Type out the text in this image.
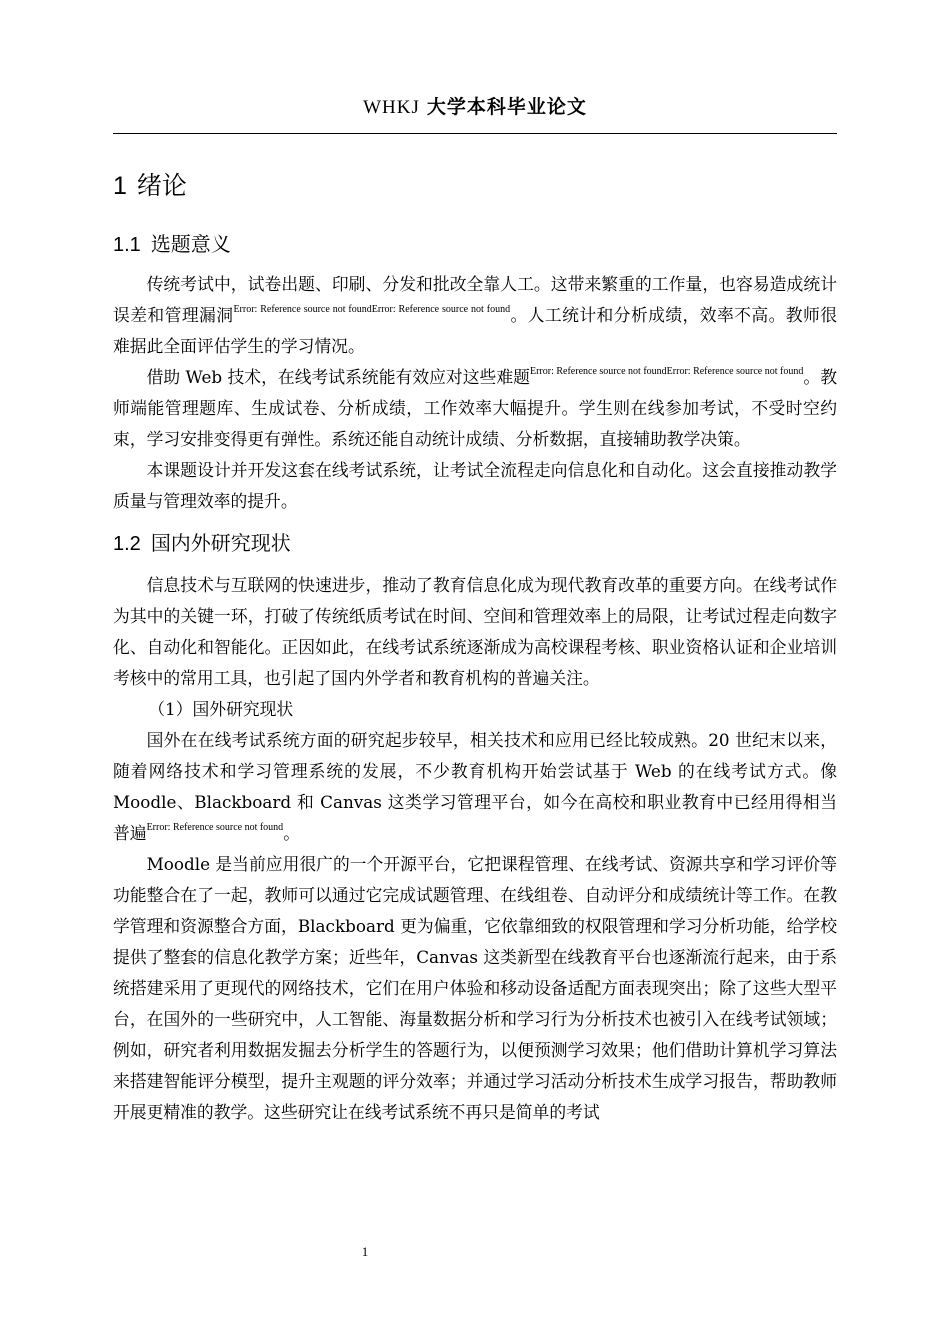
WHKJ 大学本科毕业论文
1 绪论
1.1 选题意义

传统考试中，试卷出题、印刷、分发和批改全靠人工。这带来繁重的工作量，也容易造成统计误差和管理漏洞$^{Error: Reference source not foundError: Reference source not found}$。人工统计和分析成绩，效率不高。教师很难据此全面评估学生的学习情况。

借助 Web 技术，在线考试系统能有效应对这些难题$^{Error: Reference source not foundError: Reference source not found}$。教师端能管理题库、生成试卷、分析成绩，工作效率大幅提升。学生则在线参加考试，不受时空约束，学习安排变得更有弹性。系统还能自动统计成绩、分析数据，直接辅助教学决策。

本课题设计并开发这套在线考试系统，让考试全流程走向信息化和自动化。这会直接推动教学质量与管理效率的提升。

1.2 国内外研究现状

信息技术与互联网的快速进步，推动了教育信息化成为现代教育改革的重要方向。在线考试作为其中的关键一环，打破了传统纸质考试在时间、空间和管理效率上的局限，让考试过程走向数字化、自动化和智能化。正因如此，在线考试系统逐渐成为高校课程考核、职业资格认证和企业培训考核中的常用工具，也引起了国内外学者和教育机构的普遍关注。

（1）国外研究现状

国外在在线考试系统方面的研究起步较早，相关技术和应用已经比较成熟。20 世纪末以来，随着网络技术和学习管理系统的发展，不少教育机构开始尝试基于 Web 的在线考试方式。像 Moodle、Blackboard 和 Canvas 这类学习管理平台，如今在高校和职业教育中已经用得相当普遍$^{Error: Reference source not found}$。

Moodle 是当前应用很广的一个开源平台，它把课程管理、在线考试、资源共享和学习评价等功能整合在了一起，教师可以通过它完成试题管理、在线组卷、自动评分和成绩统计等工作。在教学管理和资源整合方面，Blackboard 更为偏重，它依靠细致的权限管理和学习分析功能，给学校提供了整套的信息化教学方案；近些年，Canvas 这类新型在线教育平台也逐渐流行起来，由于系统搭建采用了更现代的网络技术，它们在用户体验和移动设备适配方面表现突出；除了这些大型平台，在国外的一些研究中，人工智能、海量数据分析和学习行为分析技术也被引入在线考试领域；例如，研究者利用数据发掘去分析学生的答题行为，以便预测学习效果；他们借助计算机学习算法来搭建智能评分模型，提升主观题的评分效率；并通过学习活动分析技术生成学习报告，帮助教师开展更精准的教学。这些研究让在线考试系统不再只是简单的考试

1
